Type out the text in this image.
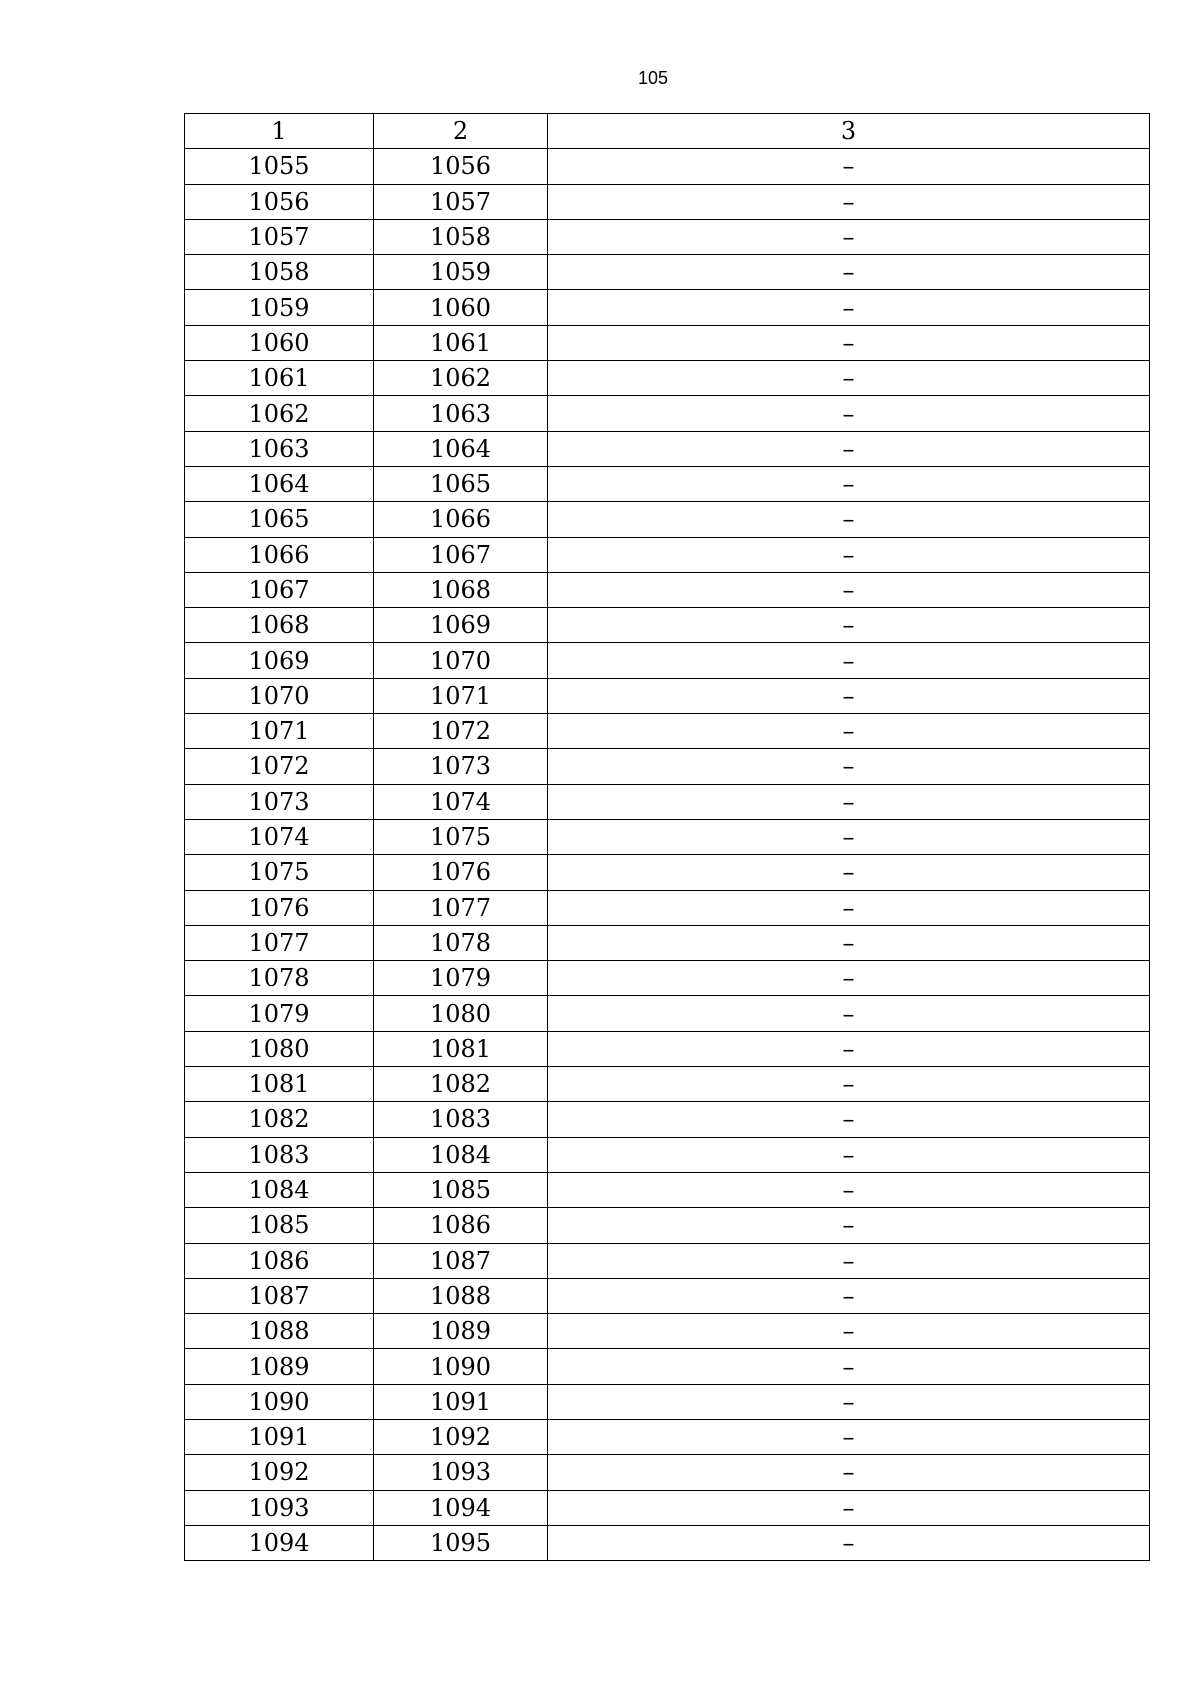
105
1	2	3
1055	1056	–
1056	1057	–
1057	1058	–
1058	1059	–
1059	1060	–
1060	1061	–
1061	1062	–
1062	1063	–
1063	1064	–
1064	1065	–
1065	1066	–
1066	1067	–
1067	1068	–
1068	1069	–
1069	1070	–
1070	1071	–
1071	1072	–
1072	1073	–
1073	1074	–
1074	1075	–
1075	1076	–
1076	1077	–
1077	1078	–
1078	1079	–
1079	1080	–
1080	1081	–
1081	1082	–
1082	1083	–
1083	1084	–
1084	1085	–
1085	1086	–
1086	1087	–
1087	1088	–
1088	1089	–
1089	1090	–
1090	1091	–
1091	1092	–
1092	1093	–
1093	1094	–
1094	1095	–
